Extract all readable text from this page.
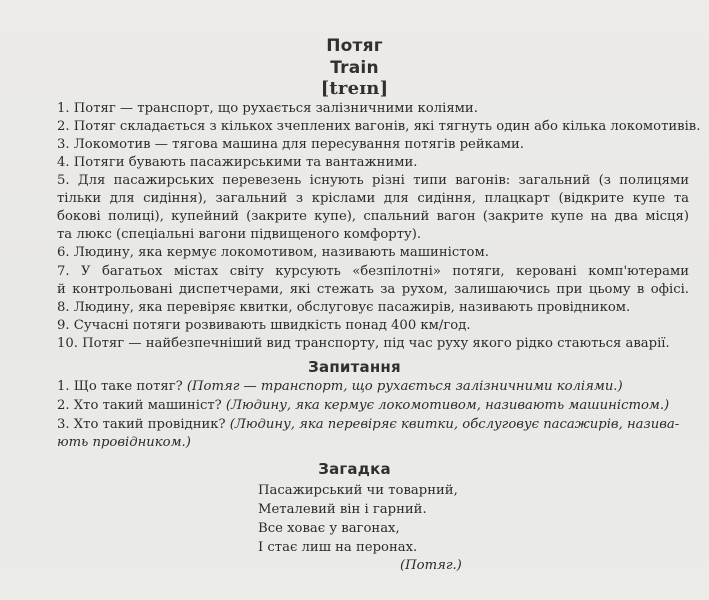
Потяг
Train
[treɪn]
1. Потяг — транспорт, що рухається залізничними коліями.
2. Потяг складається з кількох зчеплених вагонів, які тягнуть один або кілька локомотивів.
3. Локомотив — тягова машина для пересування потягів рейками.
4. Потяги бувають пасажирськими та вантажними.
5. Для пасажирських перевезень існують різні типи вагонів: загальний (з полицями
тільки для сидіння), загальний з кріслами для сидіння, плацкарт (відкрите купе та
бокові полиці), купейний (закрите купе), спальний вагон (закрите купе на два місця)
та люкс (спеціальні вагони підвищеного комфорту).
6. Людину, яка кермує локомотивом, називають машиністом.
7. У багатьох містах світу курсують «безпілотні» потяги, керовані комп'ютерами
й контрольовані диспетчерами, які стежать за рухом, залишаючись при цьому в офісі.
8. Людину, яка перевіряє квитки, обслуговує пасажирів, називають провідником.
9. Сучасні потяги розвивають швидкість понад 400 км/год.
10. Потяг — найбезпечніший вид транспорту, під час руху якого рідко стаються аварії.
Запитання
1. Що таке потяг? (Потяг — транспорт, що рухається залізничними коліями.)
2. Хто такий машиніст? (Людину, яка кермує локомотивом, називають машиністом.)
3. Хто такий провідник? (Людину, яка перевіряє квитки, обслуговує пасажирів, назива-
ють провідником.)
Загадка
Пасажирський чи товарний,
Металевий він і гарний.
Все ховає у вагонах,
І стає лиш на перонах.
(Потяг.)
